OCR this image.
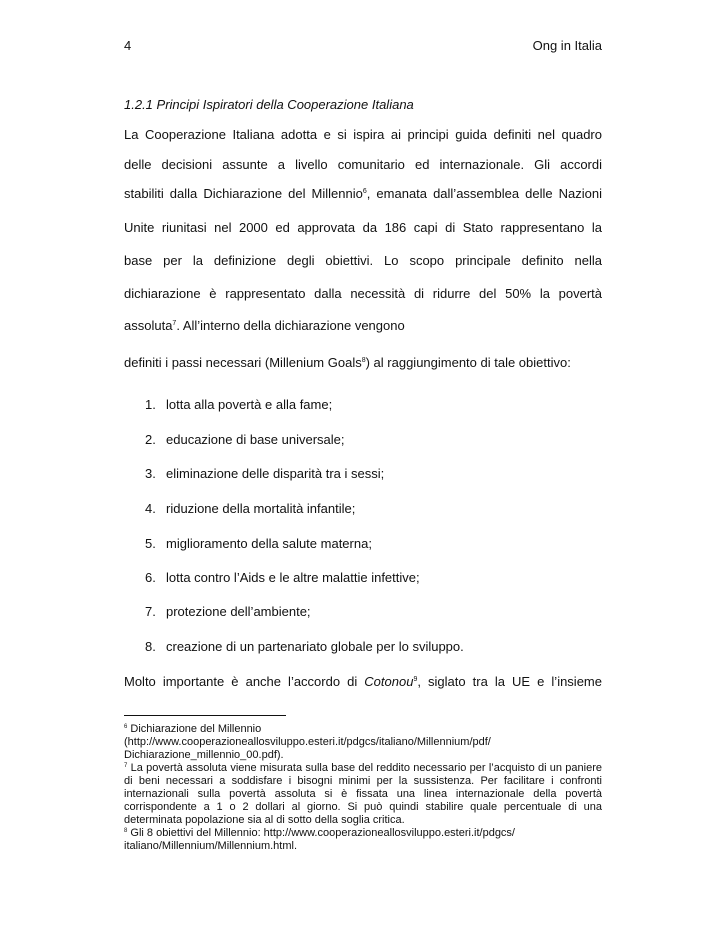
4	Ong in Italia
1.2.1 Principi Ispiratori della Cooperazione Italiana
La Cooperazione Italiana adotta e si ispira ai principi guida definiti nel quadro
delle decisioni assunte a livello comunitario ed internazionale. Gli accordi
stabiliti dalla Dichiarazione del Millennio$^6$, emanata dall’assemblea delle Nazioni
Unite riunitasi nel 2000 ed approvata da 186 capi di Stato rappresentano la
base per la definizione degli obiettivi. Lo scopo principale definito nella
dichiarazione è rappresentato dalla necessità di ridurre del 50% la povertà
assoluta$^7$. All’interno della dichiarazione vengono
definiti i passi necessari (Millenium Goals$^8$) al raggiungimento di tale obiettivo:
1. lotta alla povertà e alla fame;
2. educazione di base universale;
3. eliminazione delle disparità tra i sessi;
4. riduzione della mortalità infantile;
5. miglioramento della salute materna;
6. lotta contro l’Aids e le altre malattie infettive;
7. protezione dell’ambiente;
8. creazione di un partenariato globale per lo sviluppo.
Molto importante è anche l’accordo di Cotonou$^9$, siglato tra la UE e l’insieme
$^6$ Dichiarazione del Millennio
(http://www.cooperazioneallosviluppo.esteri.it/pdgcs/italiano/Millennium/pdf/
Dichiarazione_millennio_00.pdf).
$^7$ La povertà assoluta viene misurata sulla base del reddito necessario per l’acquisto di un paniere di beni necessari a soddisfare i bisogni minimi per la sussistenza. Per facilitare i confronti internazionali sulla povertà assoluta si è fissata una linea internazionale della povertà corrispondente a 1 o 2 dollari al giorno. Si può quindi stabilire quale percentuale di una determinata popolazione sia al di sotto della soglia critica.
$^8$ Gli 8 obiettivi del Millennio: http://www.cooperazioneallosviluppo.esteri.it/pdgcs/
italiano/Millennium/Millennium.html.
